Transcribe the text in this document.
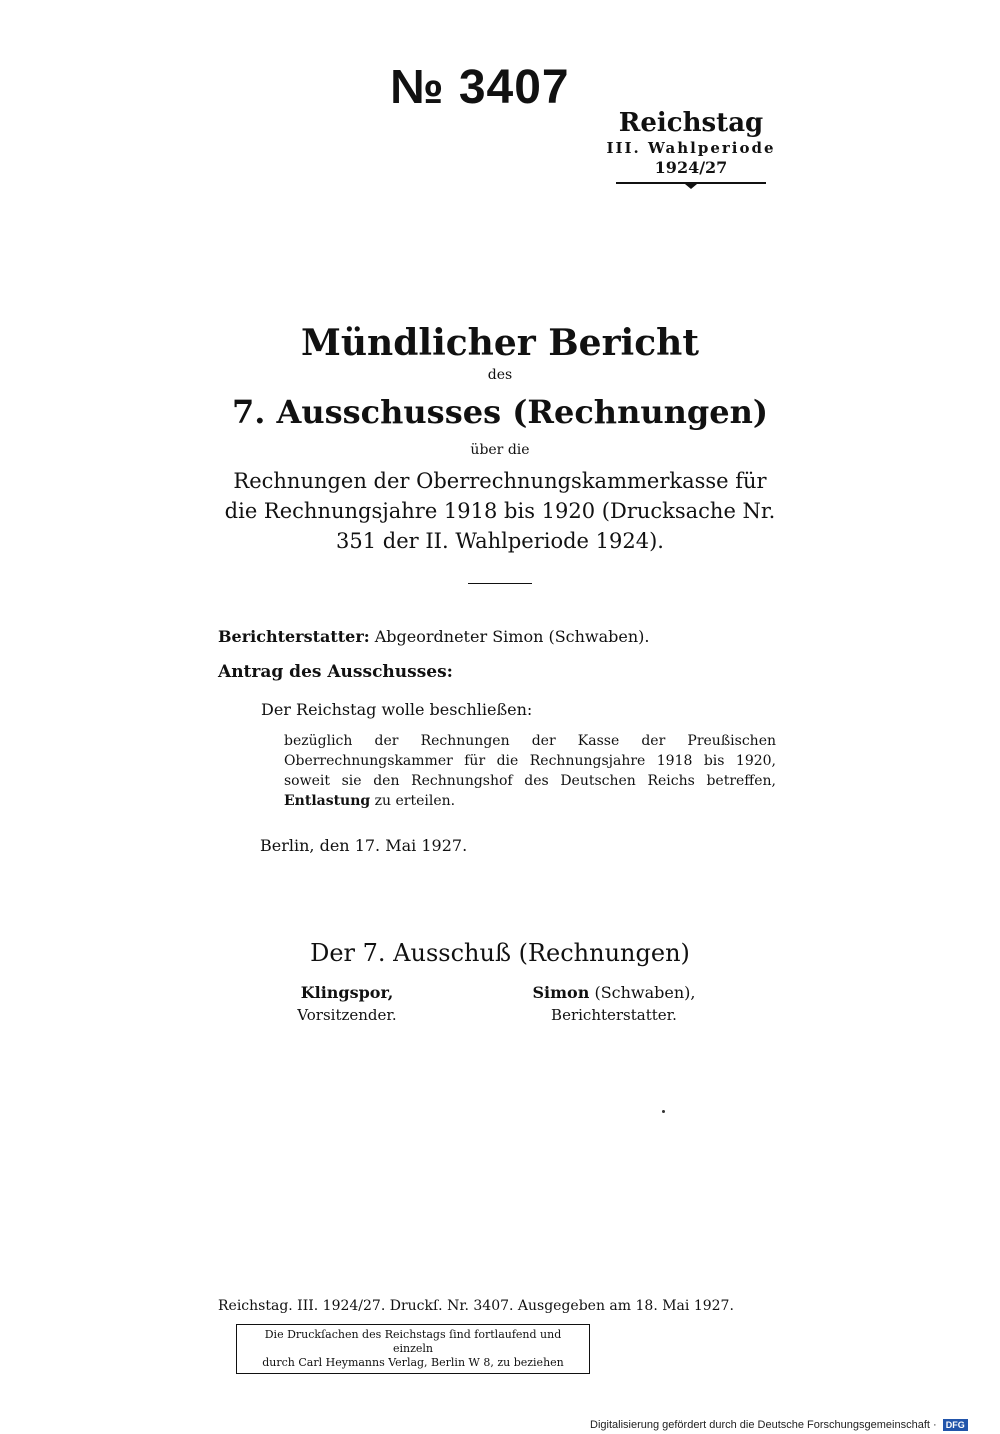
№ 3407
Reichstag
III. Wahlperiode
1924/27
Mündlicher Bericht
des
7. Ausschusses (Rechnungen)
über die
Rechnungen der Oberrechnungskammerkasse für die Rechnungsjahre 1918 bis 1920 (Drucksache Nr. 351 der II. Wahlperiode 1924).
Berichterstatter: Abgeordneter Simon (Schwaben).
Antrag des Ausschusses:
Der Reichstag wolle beschließen:
bezüglich der Rechnungen der Kasse der Preußischen Oberrechnungskammer für die Rechnungsjahre 1918 bis 1920, soweit sie den Rechnungshof des Deutschen Reichs betreffen, Entlastung zu erteilen.
Berlin, den 17. Mai 1927.
Der 7. Ausschuß (Rechnungen)
Klingspor,
Vorsitzender.
Simon (Schwaben),
Berichterstatter.
Reichstag. III. 1924/27. Druckſ. Nr. 3407. Ausgegeben am 18. Mai 1927.
Die Druckſachen des Reichstags ſind fortlaufend und einzeln
durch Carl Heymanns Verlag, Berlin W 8, zu beziehen
Digitalisierung gefördert durch die Deutsche Forschungsgemeinschaft · DFG
